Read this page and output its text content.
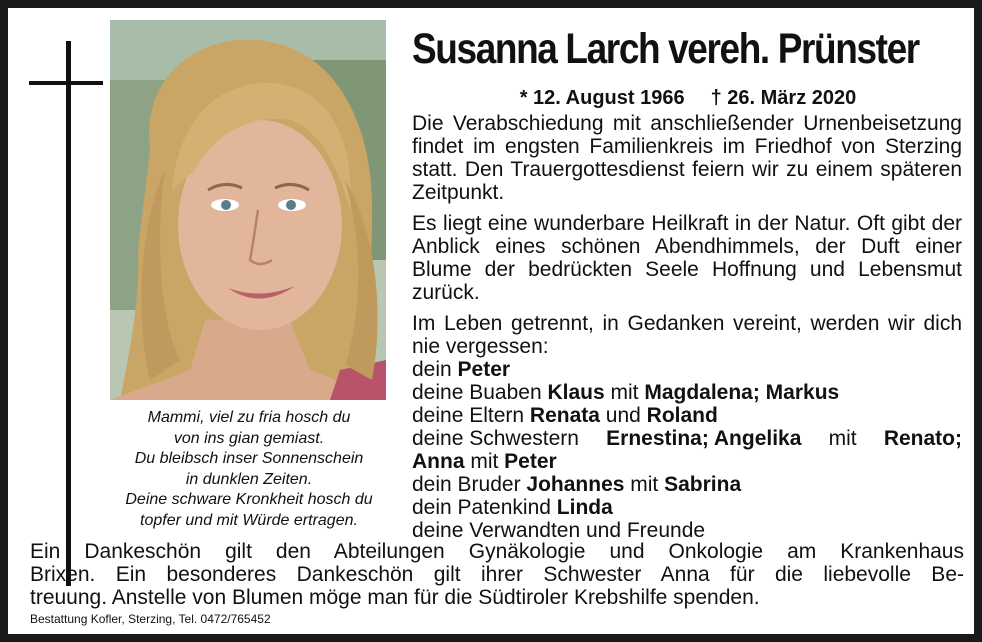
Mammi, viel zu fria hosch du
von ins gian gemiast.
Du bleibsch inser Sonnenschein
in dunklen Zeiten.
Deine schware Kronkheit hosch du
topfer und mit Würde ertragen.
Susanna Larch vereh. Prünster
* 12. August 1966 † 26. März 2020

Die Verabschiedung mit anschließender Urnenbeisetzung findet im engsten Familienkreis im Friedhof von Sterzing statt. Den Trauergottesdienst feiern wir zu einem späteren Zeitpunkt.

Es liegt eine wunderbare Heilkraft in der Natur. Oft gibt der Anblick eines schönen Abendhimmels, der Duft einer Blume der bedrückten Seele Hoffnung und Lebensmut zurück.

Im Leben getrennt, in Gedanken vereint, werden wir dich nie vergessen:

dein Peter
deine Buaben Klaus mit Magdalena; Markus
deine Eltern Renata und Roland
deine Schwestern Ernestina; Angelika mit Renato;
Anna mit Peter
dein Bruder Johannes mit Sabrina
dein Patenkind Linda
deine Verwandten und Freunde
Ein Dankeschön gilt den Abteilungen Gynäkologie und Onkologie am Krankenhaus
Brixen. Ein besonderes Dankeschön gilt ihrer Schwester Anna für die liebevolle Be-
treuung. Anstelle von Blumen möge man für die Südtiroler Krebshilfe spenden.
Bestattung Kofler, Sterzing, Tel. 0472/765452
